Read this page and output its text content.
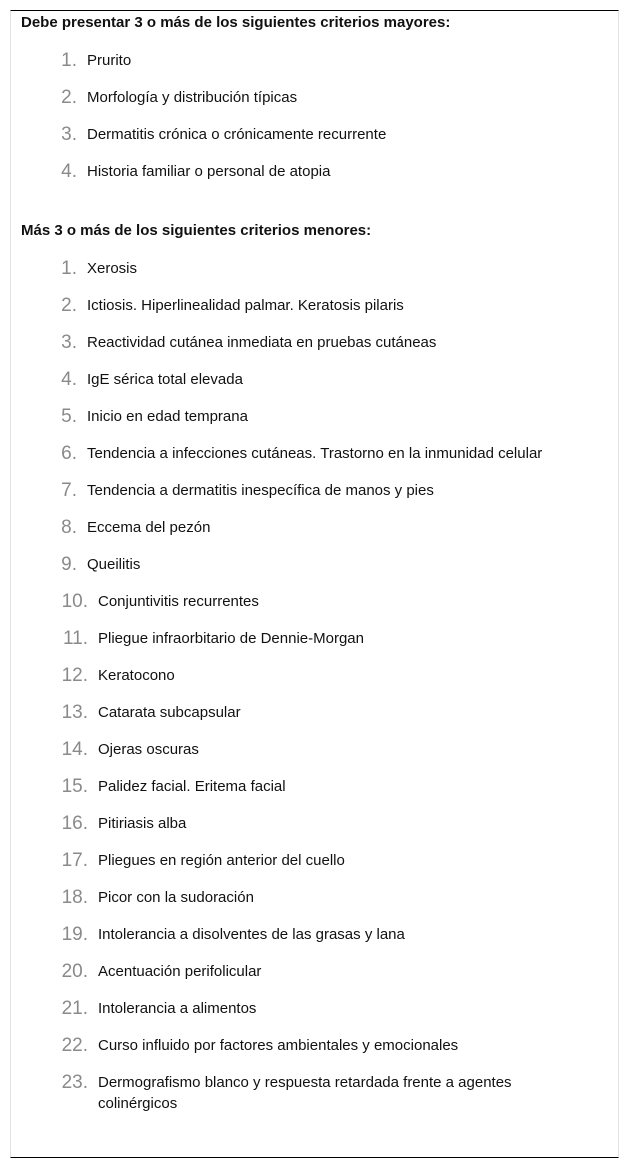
Debe presentar 3 o más de los siguientes criterios mayores:
1. Prurito
2. Morfología y distribución típicas
3. Dermatitis crónica o crónicamente recurrente
4. Historia familiar o personal de atopia
Más 3 o más de los siguientes criterios menores:
1. Xerosis
2. Ictiosis. Hiperlinealidad palmar. Keratosis pilaris
3. Reactividad cutánea inmediata en pruebas cutáneas
4. IgE sérica total elevada
5. Inicio en edad temprana
6. Tendencia a infecciones cutáneas. Trastorno en la inmunidad celular
7. Tendencia a dermatitis inespecífica de manos y pies
8. Eccema del pezón
9. Queilitis
10. Conjuntivitis recurrentes
11. Pliegue infraorbitario de Dennie-Morgan
12. Keratocono
13. Catarata subcapsular
14. Ojeras oscuras
15. Palidez facial. Eritema facial
16. Pitiriasis alba
17. Pliegues en región anterior del cuello
18. Picor con la sudoración
19. Intolerancia a disolventes de las grasas y lana
20. Acentuación perifolicular
21. Intolerancia a alimentos
22. Curso influido por factores ambientales y emocionales
23. Dermografismo blanco y respuesta retardada frente a agentes colinérgicos
